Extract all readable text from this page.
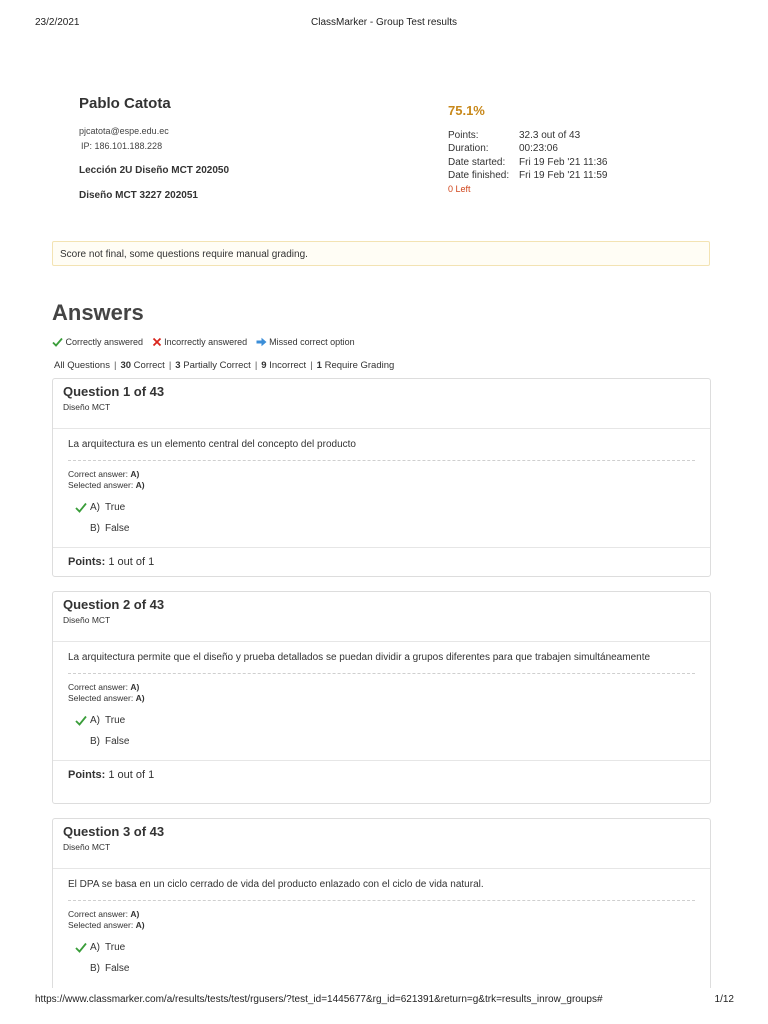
23/2/2021	ClassMarker - Group Test results
Pablo Catota
pjcatota@espe.edu.ec
IP: 186.101.188.228
Lección 2U Diseño MCT 202050
Diseño MCT 3227 202051
75.1%
Points:	32.3 out of 43
Duration:	00:23:06
Date started: Fri 19 Feb '21 11:36
Date finished: Fri 19 Feb '21 11:59
0 Left
Score not final, some questions require manual grading.
Answers
Correctly answered Incorrectly answered Missed correct option
All Questions | 30 Correct | 3 Partially Correct | 9 Incorrect | 1 Require Grading
Question 1 of 43
Diseño MCT
La arquitectura es un elemento central del concepto del producto
Correct answer: A)
Selected answer: A)
A) True
B) False
Points: 1 out of 1
Question 2 of 43
Diseño MCT
La arquitectura permite que el diseño y prueba detallados se puedan dividir a grupos diferentes para que trabajen simultáneamente
Correct answer: A)
Selected answer: A)
A) True
B) False
Points: 1 out of 1
Question 3 of 43
Diseño MCT
El DPA se basa en un ciclo cerrado de vida del producto enlazado con el ciclo de vida natural.
Correct answer: A)
Selected answer: A)
A) True
B) False
https://www.classmarker.com/a/results/tests/test/rgusers/?test_id=1445677&rg_id=621391&return=g&trk=results_inrow_groups#	1/12
